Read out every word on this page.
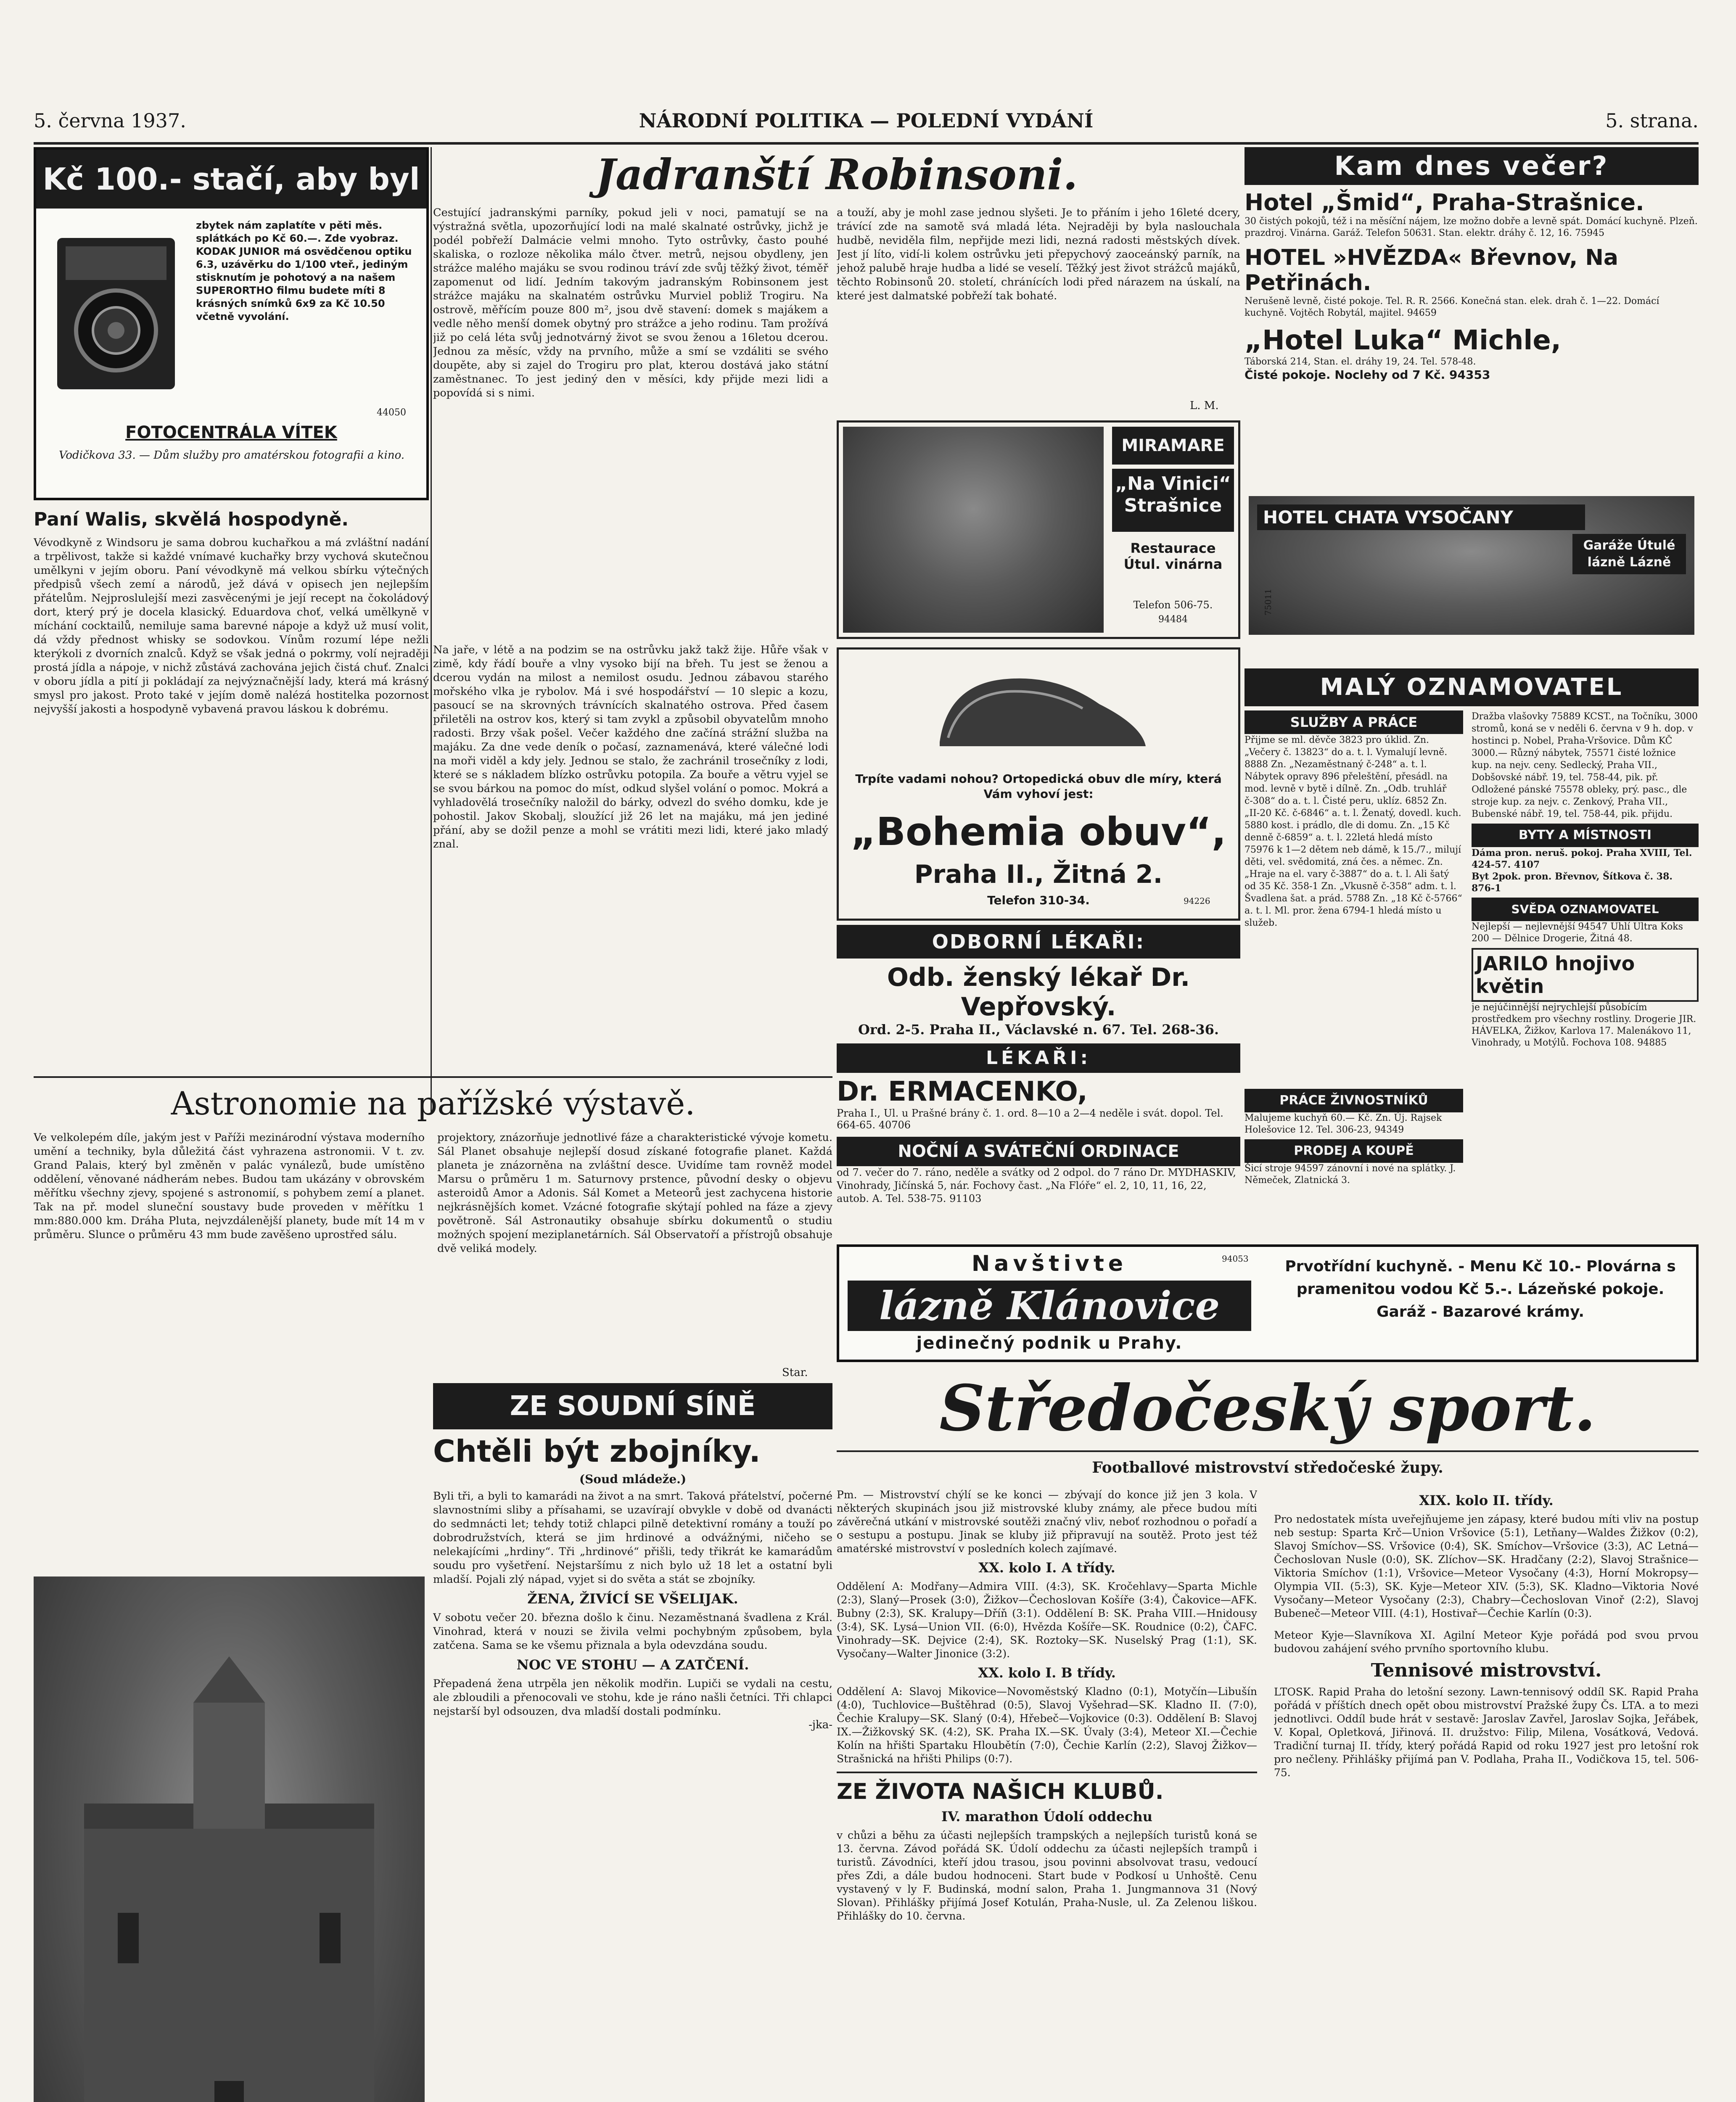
5. června 1937.	NÁRODNÍ POLITIKA — POLEDNÍ VYDÁNÍ	5. strana.
Kč 100.- stačí, aby byl
zbytek nám zaplatíte v pěti měs. splátkách po Kč 60.—. Zde vyobraz. KODAK JUNIOR má osvědčenou optiku 6.3, uzávěrku do 1/100 vteř., jediným stisknutím je pohotový a na našem SUPERORTHO filmu budete míti 8 krásných snímků 6x9 za Kč 10.50 včetně vyvolání.
44050
FOTOCENTRÁLA VÍTEK
Vodičkova 33. — Dům služby pro amatérskou fotografii a kino.
Paní Walis, skvělá hospodyně.
Vévodkyně z Windsoru je sama dobrou kuchařkou a má zvláštní nadání a trpělivost, takže si každé vnímavé kuchařky brzy vychová skutečnou umělkyni v jejím oboru. Paní vévodkyně má velkou sbírku výtečných předpisů všech zemí a národů, jež dává v opisech jen nejlepším přátelům. Nejproslulejší mezi zasvěcenými je její recept na čokoládový dort, který prý je docela klasický. Eduardova choť, velká umělkyně v míchání cocktailů, nemiluje sama barevné nápoje a když už musí volit, dá vždy přednost whisky se sodovkou. Vínům rozumí lépe nežli kterýkoli z dvorních znalců. Když se však jedná o pokrmy, volí nejraději prostá jídla a nápoje, v nichž zůstává zachována jejich čistá chuť. Znalci v oboru jídla a pití ji pokládají za nejvýznačnější lady, která má krásný smysl pro jakost. Proto také v jejím domě nalézá hostitelka pozornost nejvyšší jakosti a hospodyně vybavená pravou láskou k dobrému.
Jadranští Robinsoni.
Cestující jadranskými parníky, pokud jeli v noci, pamatují se na výstražná světla, upozorňující lodi na malé skalnaté ostrůvky, jichž je podél pobřeží Dalmácie velmi mnoho. Tyto ostrůvky, často pouhé skaliska, o rozloze několika málo čtver. metrů, nejsou obydleny, jen strážce malého majáku se svou rodinou tráví zde svůj těžký život, téměř zapomenut od lidí. Jedním takovým jadranským Robinsonem jest strážce majáku na skalnatém ostrůvku Murviel pobliž Trogiru. Na ostrově, měřícím pouze 800 m², jsou dvě stavení: domek s majákem a vedle něho menší domek obytný pro strážce a jeho rodinu. Tam prožívá již po celá léta svůj jednotvárný život se svou ženou a 16letou dcerou. Jednou za měsíc, vždy na prvního, může a smí se vzdáliti se svého doupěte, aby si zajel do Trogiru pro plat, kterou dostává jako státní zaměstnanec. To jest jediný den v měsíci, kdy přijde mezi lidi a popovídá si s nimi.
a touží, aby je mohl zase jednou slyšeti. Je to přáním i jeho 16leté dcery, trávící zde na samotě svá mladá léta. Nejraději by byla naslouchala hudbě, neviděla film, nepřijde mezi lidi, nezná radosti městských dívek. Jest jí líto, vidí-li kolem ostrůvku jeti přepychový zaoceánský parník, na jehož palubě hraje hudba a lidé se veselí. Těžký jest život strážců majáků, těchto Robinsonů 20. století, chránících lodi před nárazem na úskalí, na které jest dalmatské pobřeží tak bohaté.
L. M.
MIRAMARE
„Na Vinici“ Strašnice
Restaurace Útul. vinárna
Telefon 506-75.
94484
Trpíte vadami nohou? Ortopedická obuv dle míry, která Vám vyhoví jest:
„Bohemia obuv“,
Praha II., Žitná 2.
Telefon 310-34.	94226
Na jaře, v létě a na podzim se na ostrůvku jakž takž žije. Hůře však v zimě, kdy řádí bouře a vlny vysoko bijí na břeh. Tu jest se ženou a dcerou vydán na milost a nemilost osudu. Jednou zábavou starého mořského vlka je rybolov. Má i své hospodářství — 10 slepic a kozu, pasoucí se na skrovných trávnících skalnatého ostrova. Před časem přiletěli na ostrov kos, který si tam zvykl a způsobil obyvatelům mnoho radosti. Brzy však pošel. Večer každého dne začíná strážní služba na majáku. Za dne vede deník o počasí, zaznamenává, které válečné lodi na moři viděl a kdy jely. Jednou se stalo, že zachránil trosečníky z lodi, které se s nákladem blízko ostrůvku potopila. Za bouře a větru vyjel se se svou bárkou na pomoc do míst, odkud slyšel volání o pomoc. Mokrá a vyhladovělá trosečníky naložil do bárky, odvezl do svého domku, kde je pohostil. Jakov Skobalj, sloužící již 26 let na majáku, má jen jediné přání, aby se dožil penze a mohl se vrátiti mezi lidi, které jako mladý znal.
ODBORNÍ LÉKAŘI:
Odb. ženský lékař Dr. Vepřovský.
Ord. 2-5. Praha II., Václavské n. 67. Tel. 268-36.
LÉKAŘI:
Dr. ERMACENKO,
Praha I., Ul. u Prašné brány č. 1. ord. 8—10 a 2—4 neděle i svát. dopol. Tel. 664-65. 40706
NOČNÍ A SVÁTEČNÍ ORDINACE
od 7. večer do 7. ráno, neděle a svátky od 2 odpol. do 7 ráno Dr. MYDHASKIV, Vinohrady, Jičínská 5, nár. Fochovy čast. „Na Flóře“ el. 2, 10, 11, 16, 22, autob. A. Tel. 538-75. 91103
Kam dnes večer?
Hotel „Šmid“, Praha-Strašnice.
30 čistých pokojů, též i na měsíční nájem, lze možno dobře a levně spát. Domácí kuchyně. Plzeň. prazdroj. Vinárna. Garáž. Telefon 50631. Stan. elektr. dráhy č. 12, 16. 75945
HOTEL »HVĚZDA« Břevnov, Na Petřinách.
Nerušeně levně, čisté pokoje. Tel. R. R. 2566. Konečná stan. elek. drah č. 1—22. Domácí kuchyně. Vojtěch Robytál, majitel. 94659
„Hotel Luka“ Michle,
Táborská 214, Stan. el. dráhy 19, 24. Tel. 578-48.
Čisté pokoje. Noclehy od 7 Kč. 94353
HOTEL CHATA VYSOČANY
Garáže Útulé lázně Lázně
75011
MALÝ OZNAMOVATEL
SLUŽBY A PRÁCE
Přijme se ml. děvče 3823 pro úklid. Zn. „Večery č. 13823“ do a. t. l. Vymalují levně. 8888 Zn. „Nezaměstnaný č-248“ a. t. l. Nábytek opravy 896 přeleštění, přesádl. na mod. levně v bytě i dílně. Zn. „Odb. truhlář č-308“ do a. t. l. Čisté peru, uklíz. 6852 Zn. „II-20 Kč. č-6846“ a. t. l. Ženatý, dovedl. kuch. 5880 kost. i prádlo, dle di domu. Zn. „15 Kč denně č-6859“ a. t. l. 22letá hledá místo 75976 k 1—2 dětem neb dámě, k 15./7., milují děti, vel. svědomitá, zná čes. a němec. Zn. „Hraje na el. vary č-3887“ do a. t. l. Ali šatý od 35 Kč. 358-1 Zn. „Vkusně č-358“ adm. t. l. Švadlena šat. a prád. 5788 Zn. „18 Kč č-5766“ a. t. l. Ml. pror. žena 6794-1 hledá místo u služeb.
Dražba vlašovky 75889 KCST., na Točníku, 3000 stromů, koná se v neděli 6. června v 9 h. dop. v hostinci p. Nobel, Praha-Vršovice. Dům KČ 3000.— Různý nábytek, 75571 čisté ložnice kup. na nejv. ceny. Sedlecký, Praha VII., Dobšovské nábř. 19, tel. 758-44, pik. př. Odložené pánské 75578 obleky, prý. pasc., dle stroje kup. za nejv. c. Zenkový, Praha VII., Bubenské nábř. 19, tel. 758-44, pik. přijdu.
BYTY A MÍSTNOSTI
Dáma pron. neruš. pokoj. Praha XVIII, Tel. 424-57. 4107
Byt 2pok. pron. Břevnov, Šítkova č. 38. 876-1
SVĚDA OZNAMOVATEL
Nejlepší — nejlevnější 94547 Uhlí Ultra Koks 200 — Dělnice Drogerie, Žitná 48.
JARILO hnojivo květin
je nejúčinnější nejrychlejší působícím prostředkem pro všechny rostliny. Drogerie JIR. HÁVELKA, Žižkov, Karlova 17. Malenákovo 11, Vinohrady, u Motýlů. Fochova 108. 94885
PRÁCE ŽIVNOSTNÍKŮ
Malujeme kuchyň 60.— Kč. Zn. Új. Rajsek Holešovice 12. Tel. 306-23, 94349
PRODEJ A KOUPĚ
Šicí stroje 94597 zánovní i nové na splátky. J. Němeček, Zlatnická 3.
Navštivte
lázně Klánovice
jedinečný podnik u Prahy.
Prvotřídní kuchyně. - Menu Kč 10.- Plovárna s pramenitou vodou Kč 5.-. Lázeňské pokoje. Garáž - Bazarové krámy.
94053
Astronomie na pařížské výstavě.
Ve velkolepém díle, jakým jest v Paříži mezinárodní výstava moderního umění a techniky, byla důležitá část vyhrazena astronomii. V t. zv. Grand Palais, který byl změněn v palác vynálezů, bude umístěno oddělení, věnované nádherám nebes. Budou tam ukázány v obrovském měřítku všechny zjevy, spojené s astronomií, s pohybem zemí a planet. Tak na př. model sluneční soustavy bude proveden v měřítku 1 mm:880.000 km. Dráha Pluta, nejvzdálenější planety, bude mít 14 m v průměru. Slunce o průměru 43 mm bude zavěšeno uprostřed sálu.
projektory, znázorňuje jednotlivé fáze a charakteristické vývoje kometu. Sál Planet obsahuje nejlepší dosud získané fotografie planet. Každá planeta je znázorněna na zvláštní desce. Uvidíme tam rovněž model Marsu o průměru 1 m. Saturnovy prstence, původní desky o objevu asteroidů Amor a Adonis. Sál Komet a Meteorů jest zachycena historie nejkrásnějších komet. Vzácné fotografie skýtají pohled na fáze a zjevy povětroně. Sál Astronautiky obsahuje sbírku dokumentů o studiu možných spojení meziplanetárních. Sál Observatoří a přístrojů obsahuje dvě veliká modely.
Star.
ZE SOUDNÍ SÍNĚ
Chtěli být zbojníky.
(Soud mládeže.)
Byli tři, a byli to kamarádi na život a na smrt. Taková přátelství, počerné slavnostními sliby a přísahami, se uzavírají obvykle v době od dvanácti do sedmnácti let; tehdy totiž chlapci pilně detektivní romány a touží po dobrodružstvích, která se jim hrdinové a odvážnými, ničeho se nelekajícími „hrdiny“. Tři „hrdinové“ přišli, tedy třikrát ke kamarádům soudu pro vyšetření. Nejstaršímu z nich bylo už 18 let a ostatní byli mladší. Pojali zlý nápad, vyjet si do světa a stát se zbojníky.
ŽENA, ŽIVÍCÍ SE VŠELIJAK.
V sobotu večer 20. března došlo k činu. Nezaměstnaná švadlena z Král. Vinohrad, která v nouzi se živila velmi pochybným způsobem, byla zatčena. Sama se ke všemu přiznala a byla odevzdána soudu.
NOC VE STOHU — A ZATČENÍ.
Přepadená žena utrpěla jen několik modřin. Lupiči se vydali na cestu, ale zbloudili a přenocovali ve stohu, kde je ráno našli četníci. Tři chlapci nejstarší byl odsouzen, dva mladší dostali podmínku.
-jka-
Středočeský sport.
Footballové mistrovství středočeské župy.
Pm. — Mistrovství chýlí se ke konci — zbývají do konce již jen 3 kola. V některých skupinách jsou již mistrovské kluby známy, ale přece budou míti závěrečná utkání v mistrovské soutěži značný vliv, neboť rozhodnou o pořadí a o sestupu a postupu. Jinak se kluby již připravují na soutěž. Proto jest též amatérské mistrovství v posledních kolech zajímavé.
XX. kolo I. A třídy.
Oddělení A: Modřany—Admira VIII. (4:3), SK. Kročehlavy—Sparta Michle (2:3), Slaný—Prosek (3:0), Žižkov—Čechoslovan Košíře (3:4), Čakovice—AFK. Bubny (2:3), SK. Kralupy—Dříň (3:1). Oddělení B: SK. Praha VIII.—Hnidousy (3:4), SK. Lysá—Union VII. (6:0), Hvězda Košíře—SK. Roudnice (0:2), ČAFC. Vinohrady—SK. Dejvice (2:4), SK. Roztoky—SK. Nuselský Prag (1:1), SK. Vysočany—Walter Jinonice (3:2).
XX. kolo I. B třídy.
Oddělení A: Slavoj Mikovice—Novoměstský Kladno (0:1), Motyčín—Libušín (4:0), Tuchlovice—Buštěhrad (0:5), Slavoj Vyšehrad—SK. Kladno II. (7:0), Čechie Kralupy—SK. Slaný (0:4), Hřebeč—Vojkovice (0:3). Oddělení B: Slavoj IX.—Žižkovský SK. (4:2), SK. Praha IX.—SK. Úvaly (3:4), Meteor XI.—Čechie Kolín na hřišti Spartaku Hloubětín (7:0), Čechie Karlín (2:2), Slavoj Žižkov—Strašnická na hřišti Philips (0:7).
ZE ŽIVOTA NAŠICH KLUBŮ.
IV. marathon Údolí oddechu
v chůzi a běhu za účasti nejlepších trampských a nejlepších turistů koná se 13. června. Závod pořádá SK. Údolí oddechu za účasti nejlepších trampů i turistů. Závodníci, kteří jdou trasou, jsou povinni absolvovat trasu, vedoucí přes Zdi, a dále budou hodnoceni. Start bude v Podkosí u Unhoště. Cenu vystavený v ly F. Budinská, modní salon, Praha 1. Jungmannova 31 (Nový Slovan). Přihlášky přijímá Josef Kotulán, Praha-Nusle, ul. Za Zelenou liškou. Přihlášky do 10. června.
XIX. kolo II. třídy.
Pro nedostatek místa uveřejňujeme jen zápasy, které budou míti vliv na postup neb sestup: Sparta Krč—Union Vršovice (5:1), Letňany—Waldes Žižkov (0:2), Slavoj Smíchov—SS. Vršovice (0:4), SK. Smíchov—Vršovice (3:3), AC Letná—Čechoslovan Nusle (0:0), SK. Zlíchov—SK. Hradčany (2:2), Slavoj Strašnice—Viktoria Smíchov (1:1), Vršovice—Meteor Vysočany (4:3), Horní Mokropsy—Olympia VII. (5:3), SK. Kyje—Meteor XIV. (5:3), SK. Kladno—Viktoria Nové Vysočany—Meteor Vysočany (2:3), Chabry—Čechoslovan Vinoř (2:2), Slavoj Bubeneč—Meteor VIII. (4:1), Hostivař—Čechie Karlín (0:3).
Meteor Kyje—Slavníkova XI. Agilní Meteor Kyje pořádá pod svou prvou budovou zahájení svého prvního sportovního klubu.
Tennisové mistrovství.
LTOSK. Rapid Praha do letošní sezony. Lawn-tennisový oddíl SK. Rapid Praha pořádá v příštích dnech opět obou mistrovství Pražské župy Čs. LTA. a to mezi jednotlivci. Oddíl bude hrát v sestavě: Jaroslav Zavřel, Jaroslav Sojka, Jeřábek, V. Kopal, Opletková, Jiřinová. II. družstvo: Filip, Milena, Vosátková, Vedová. Tradiční turnaj II. třídy, který pořádá Rapid od roku 1927 jest pro letošní rok pro nečleny. Přihlášky přijímá pan V. Podlaha, Praha II., Vodičkova 15, tel. 506-75.
